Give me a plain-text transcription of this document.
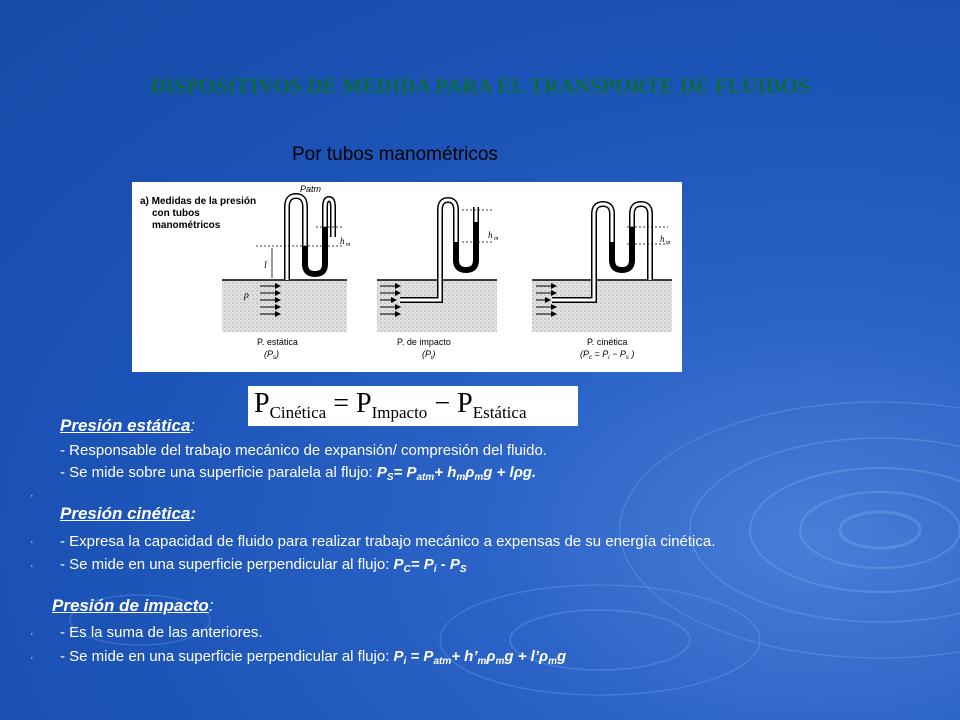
DISPOSITIVOS DE MEDIDA PARA EL TRANSPORTE DE FLUIDOS
Por tubos manométricos
a) Medidas de la presión
con tubos
manométricos
l
h m
Patm
ρ
P. estática
$(P_s)$
h m
P. de impacto
$(P_i)$
h m
P. cinética
($P_c = P_i - P_s$ )
$P_{Cinética} = P_{Impacto} - P_{Estática}$
Presión estática:
- Responsable del trabajo mecánico de expansión/ compresión del fluido.
- Se mide sobre una superficie paralela al flujo: $P_S= P_{atm}+ h_m\rho_mg + l\rho g$.
·
Presión cinética:
· - Expresa la capacidad de fluido para realizar trabajo mecánico a expensas de su energía cinética.
· - Se mide en una superficie perpendicular al flujo: $P_C= P_i - P_S$
Presión de impacto:
· - Es la suma de las anteriores.
· - Se mide en una superficie perpendicular al flujo: $P_i = P_{atm}+$ $h’_m\rho_mg$ + $l’\rho_mg$
